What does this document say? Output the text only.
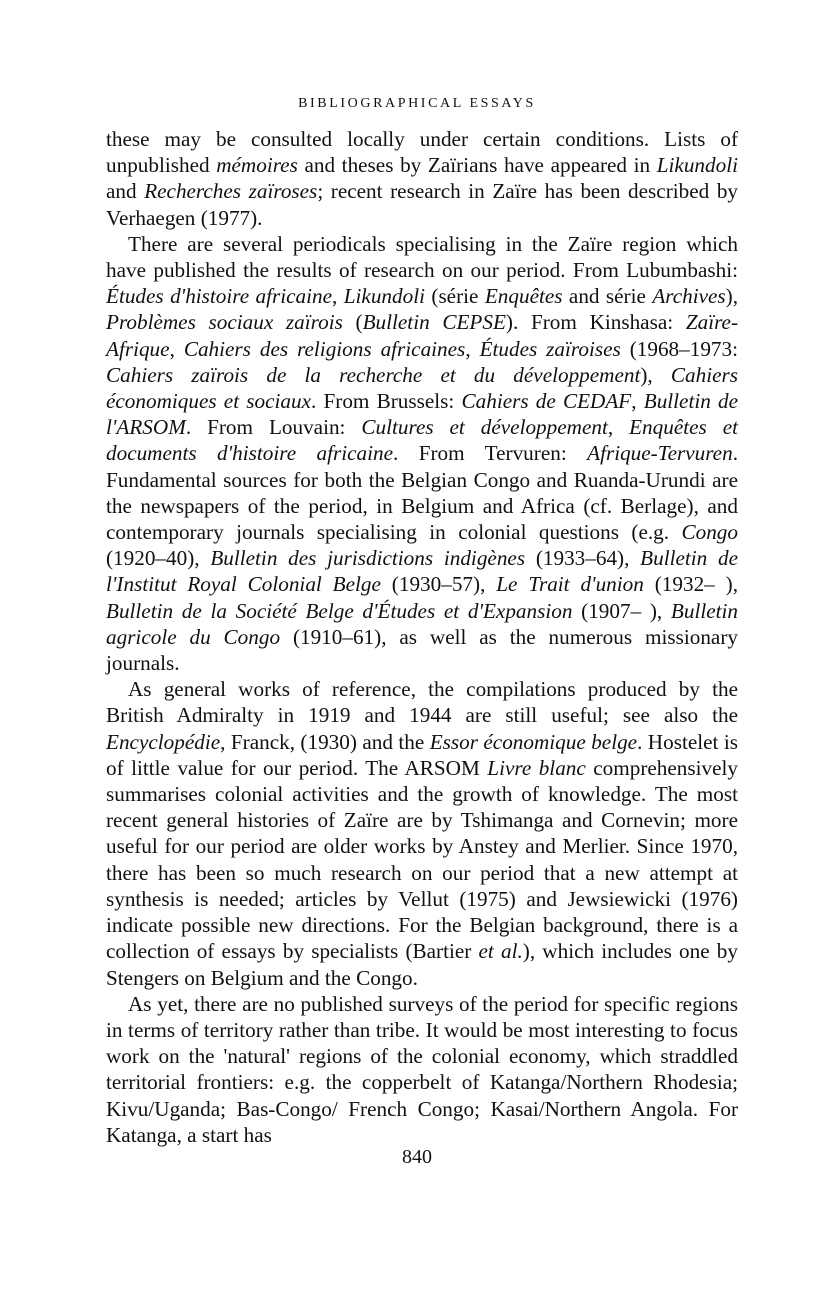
BIBLIOGRAPHICAL ESSAYS

these may be consulted locally under certain conditions. Lists of unpublished mémoires and theses by Zaïrians have appeared in Likundoli and Recherches zaïroses; recent research in Zaïre has been described by Verhaegen (1977).

There are several periodicals specialising in the Zaïre region which have published the results of research on our period. From Lubumbashi: Études d'histoire africaine, Likundoli (série Enquêtes and série Archives), Problèmes sociaux zaïrois (Bulletin CEPSE). From Kinshasa: Zaïre-Afrique, Cahiers des religions africaines, Études zaïroises (1968–1973: Cahiers zaïrois de la recherche et du développement), Cahiers économiques et sociaux. From Brussels: Cahiers de CEDAF, Bulletin de l'ARSOM. From Louvain: Cultures et développement, Enquêtes et documents d'histoire africaine. From Tervuren: Afrique-Tervuren. Fundamental sources for both the Belgian Congo and Ruanda-Urundi are the newspapers of the period, in Belgium and Africa (cf. Berlage), and contemporary journals specialising in colonial questions (e.g. Congo (1920–40), Bulletin des jurisdictions indigènes (1933–64), Bulletin de l'Institut Royal Colonial Belge (1930–57), Le Trait d'union (1932– ), Bulletin de la Société Belge d'Études et d'Expansion (1907– ), Bulletin agricole du Congo (1910–61), as well as the numerous missionary journals.

As general works of reference, the compilations produced by the British Admiralty in 1919 and 1944 are still useful; see also the Encyclopédie, Franck, (1930) and the Essor économique belge. Hostelet is of little value for our period. The ARSOM Livre blanc comprehensively summarises colonial activities and the growth of knowledge. The most recent general histories of Zaïre are by Tshimanga and Cornevin; more useful for our period are older works by Anstey and Merlier. Since 1970, there has been so much research on our period that a new attempt at synthesis is needed; articles by Vellut (1975) and Jewsiewicki (1976) indicate possible new directions. For the Belgian background, there is a collection of essays by specialists (Bartier et al.), which includes one by Stengers on Belgium and the Congo.

As yet, there are no published surveys of the period for specific regions in terms of territory rather than tribe. It would be most interesting to focus work on the 'natural' regions of the colonial economy, which straddled territorial frontiers: e.g. the copperbelt of Katanga/Northern Rhodesia; Kivu/Uganda; Bas-Congo/ French Congo; Kasai/Northern Angola. For Katanga, a start has

840
